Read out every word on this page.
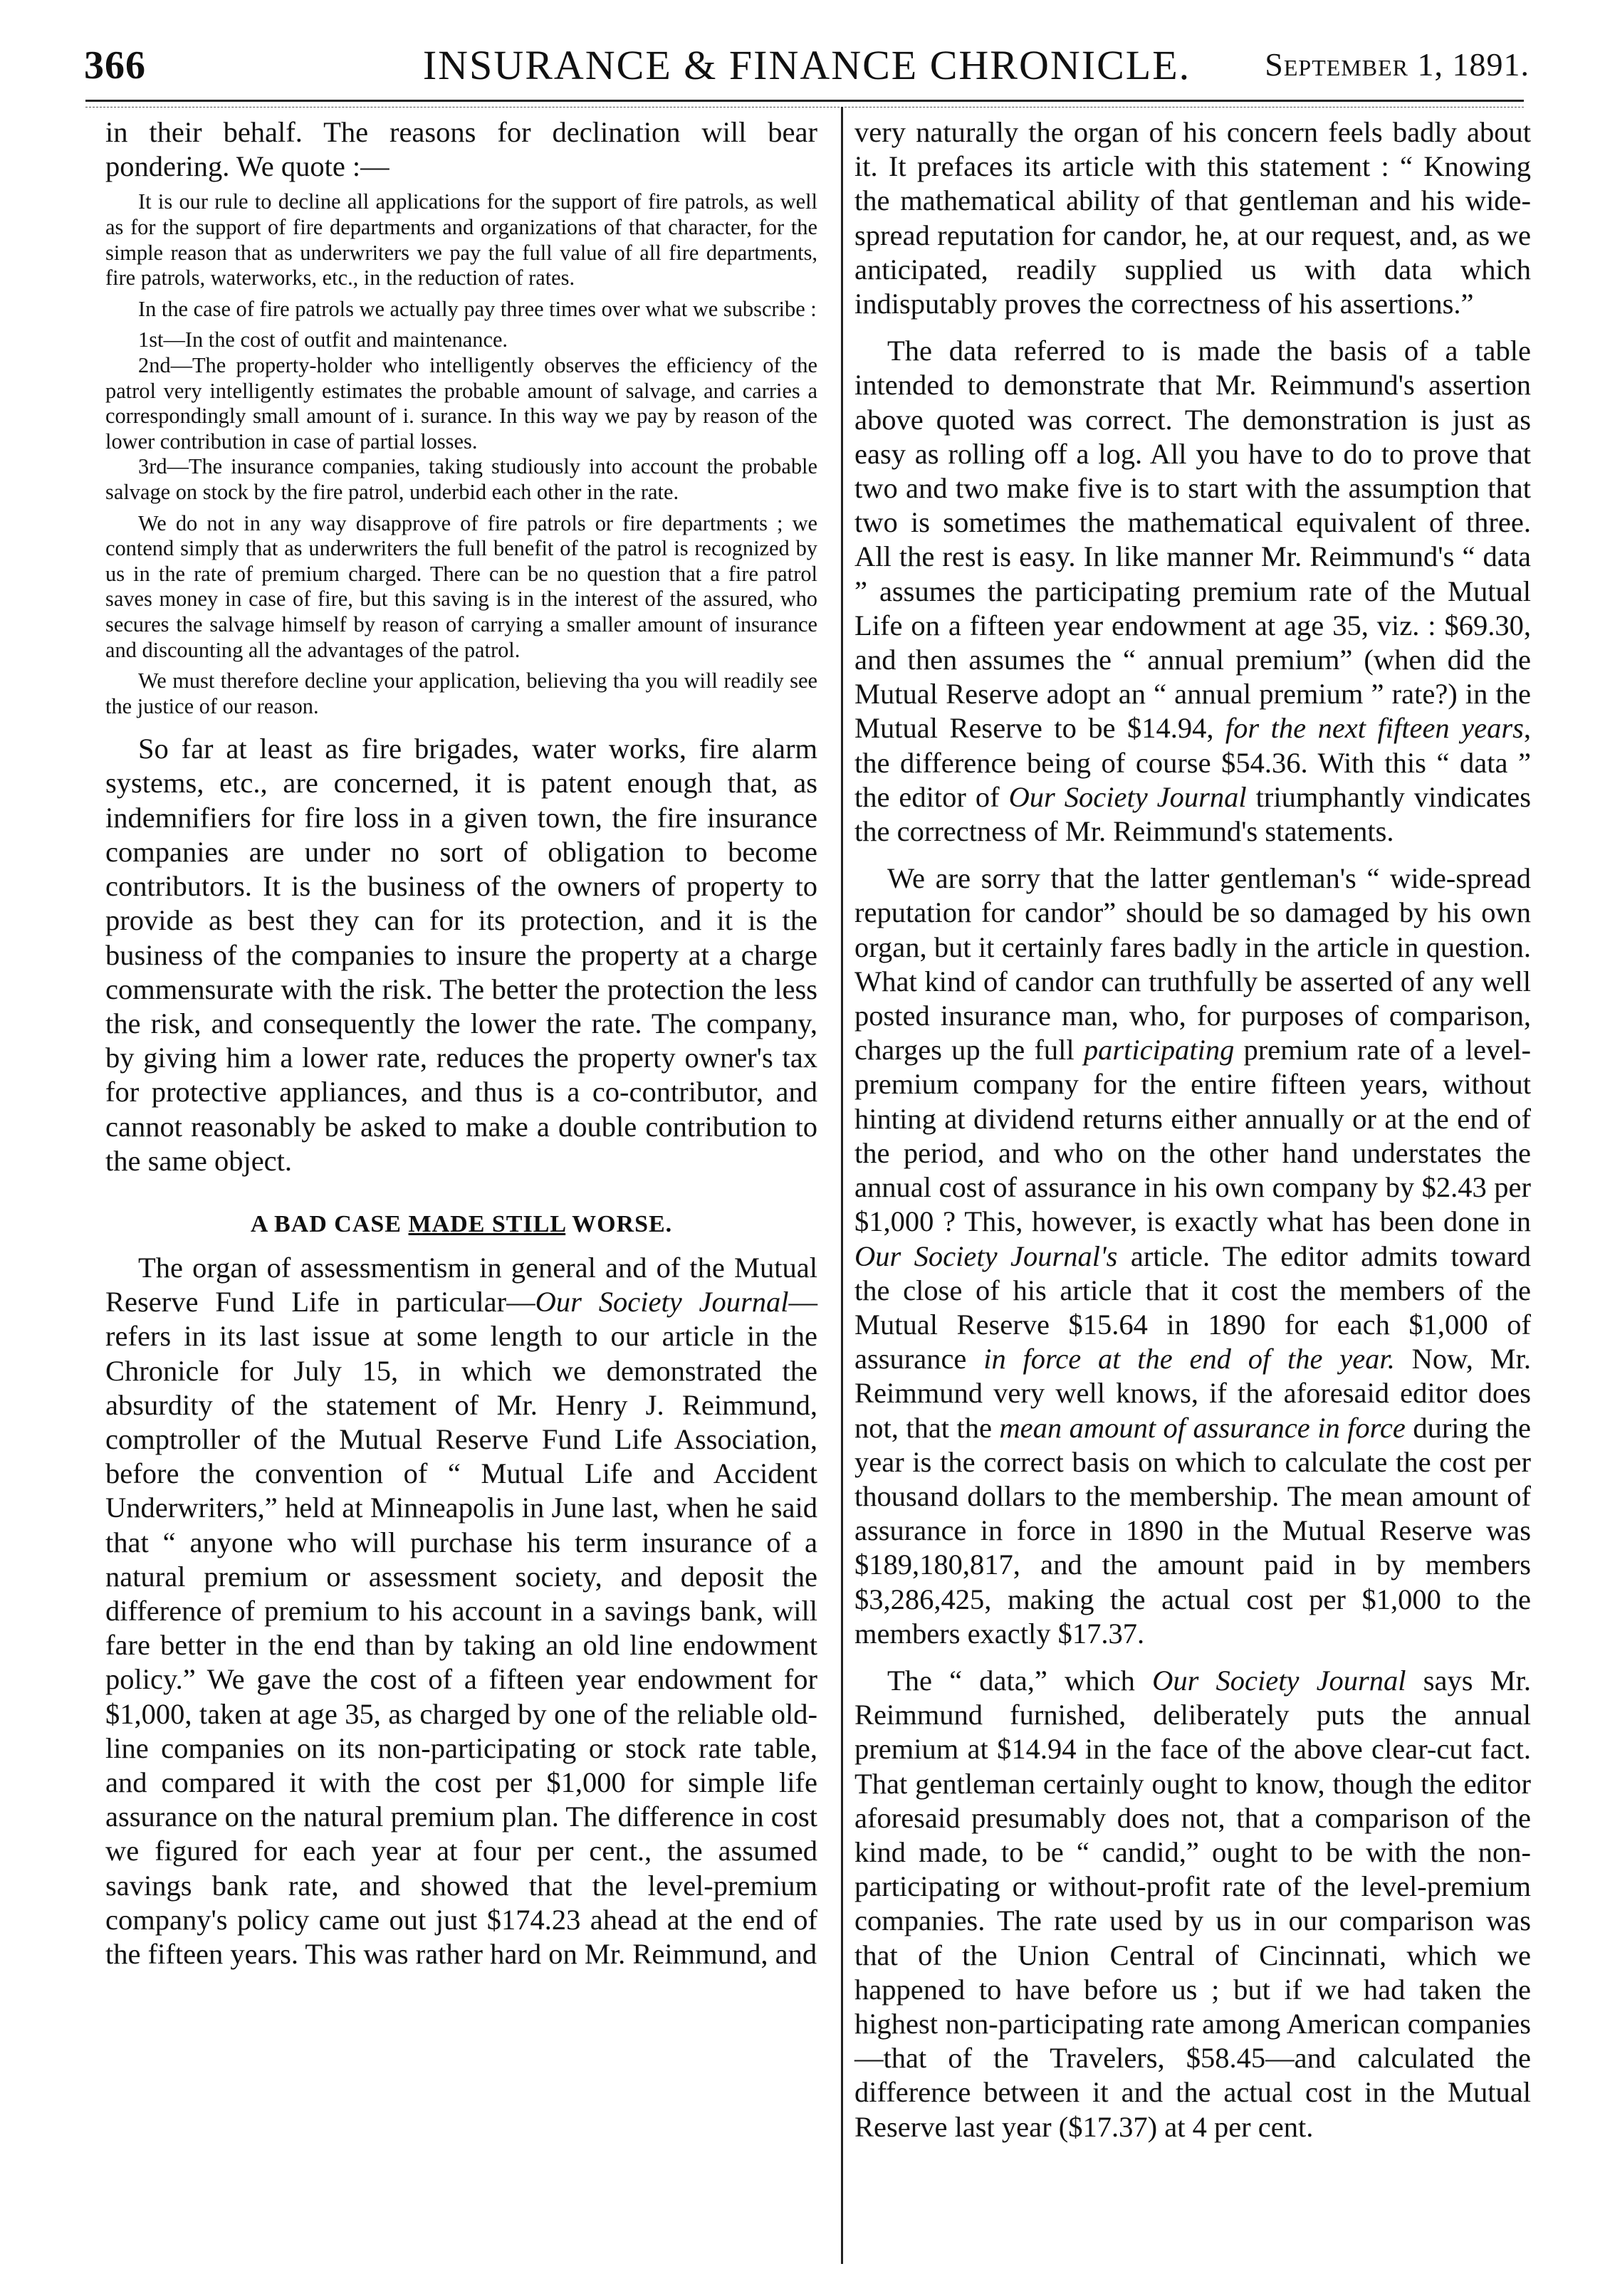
366	INSURANCE & FINANCE CHRONICLE.	September 1, 1891.

in their behalf. The reasons for declination will bear pondering. We quote :—

It is our rule to decline all applications for the support of fire patrols, as well as for the support of fire departments and organizations of that character, for the simple reason that as underwriters we pay the full value of all fire departments, fire patrols, waterworks, etc., in the reduction of rates.

In the case of fire patrols we actually pay three times over what we subscribe :

1st—In the cost of outfit and maintenance.

2nd—The property-holder who intelligently observes the efficiency of the patrol very intelligently estimates the probable amount of salvage, and carries a correspondingly small amount of i. surance. In this way we pay by reason of the lower contribution in case of partial losses.

3rd—The insurance companies, taking studiously into account the probable salvage on stock by the fire patrol, underbid each other in the rate.

We do not in any way disapprove of fire patrols or fire departments ; we contend simply that as underwriters the full benefit of the patrol is recognized by us in the rate of premium charged. There can be no question that a fire patrol saves money in case of fire, but this saving is in the interest of the assured, who secures the salvage himself by reason of carrying a smaller amount of insurance and discounting all the advantages of the patrol.

We must therefore decline your application, believing tha you will readily see the justice of our reason.

So far at least as fire brigades, water works, fire alarm systems, etc., are concerned, it is patent enough that, as indemnifiers for fire loss in a given town, the fire insurance companies are under no sort of obligation to become contributors. It is the business of the owners of property to provide as best they can for its protection, and it is the business of the companies to insure the property at a charge commensurate with the risk. The better the protection the less the risk, and consequently the lower the rate. The company, by giving him a lower rate, reduces the property owner's tax for protective appliances, and thus is a co-contributor, and cannot reasonably be asked to make a double contribution to the same object.

A BAD CASE MADE STILL WORSE.

The organ of assessmentism in general and of the Mutual Reserve Fund Life in particular—Our Society Journal—refers in its last issue at some length to our article in the Chronicle for July 15, in which we demonstrated the absurdity of the statement of Mr. Henry J. Reimmund, comptroller of the Mutual Reserve Fund Life Association, before the convention of “ Mutual Life and Accident Underwriters,” held at Minneapolis in June last, when he said that “ anyone who will purchase his term insurance of a natural premium or assessment society, and deposit the difference of premium to his account in a savings bank, will fare better in the end than by taking an old line endowment policy.” We gave the cost of a fifteen year endowment for $1,000, taken at age 35, as charged by one of the reliable old-line companies on its non-participating or stock rate table, and compared it with the cost per $1,000 for simple life assurance on the natural premium plan. The difference in cost we figured for each year at four per cent., the assumed savings bank rate, and showed that the level-premium company's policy came out just $174.23 ahead at the end of the fifteen years. This was rather hard on Mr. Reimmund, and

very naturally the organ of his concern feels badly about it. It prefaces its article with this statement : “ Knowing the mathematical ability of that gentleman and his wide-spread reputation for candor, he, at our request, and, as we anticipated, readily supplied us with data which indisputably proves the correctness of his assertions.”

The data referred to is made the basis of a table intended to demonstrate that Mr. Reimmund's assertion above quoted was correct. The demonstration is just as easy as rolling off a log. All you have to do to prove that two and two make five is to start with the assumption that two is sometimes the mathematical equivalent of three. All the rest is easy. In like manner Mr. Reimmund's “ data ” assumes the participating premium rate of the Mutual Life on a fifteen year endowment at age 35, viz. : $69.30, and then assumes the “ annual premium” (when did the Mutual Reserve adopt an “ annual premium ” rate?) in the Mutual Reserve to be $14.94, for the next fifteen years, the difference being of course $54.36. With this “ data ” the editor of Our Society Journal triumphantly vindicates the correctness of Mr. Reimmund's statements.

We are sorry that the latter gentleman's “ wide-spread reputation for candor” should be so damaged by his own organ, but it certainly fares badly in the article in question. What kind of candor can truthfully be asserted of any well posted insurance man, who, for purposes of comparison, charges up the full participating premium rate of a level-premium company for the entire fifteen years, without hinting at dividend returns either annually or at the end of the period, and who on the other hand understates the annual cost of assurance in his own company by $2.43 per $1,000 ? This, however, is exactly what has been done in Our Society Journal's article. The editor admits toward the close of his article that it cost the members of the Mutual Reserve $15.64 in 1890 for each $1,000 of assurance in force at the end of the year. Now, Mr. Reimmund very well knows, if the aforesaid editor does not, that the mean amount of assurance in force during the year is the correct basis on which to calculate the cost per thousand dollars to the membership. The mean amount of assurance in force in 1890 in the Mutual Reserve was $189,180,817, and the amount paid in by members $3,286,425, making the actual cost per $1,000 to the members exactly $17.37.

The “ data,” which Our Society Journal says Mr. Reimmund furnished, deliberately puts the annual premium at $14.94 in the face of the above clear-cut fact. That gentleman certainly ought to know, though the editor aforesaid presumably does not, that a comparison of the kind made, to be “ candid,” ought to be with the non-participating or without-profit rate of the level-premium companies. The rate used by us in our comparison was that of the Union Central of Cincinnati, which we happened to have before us ; but if we had taken the highest non-participating rate among American companies—that of the Travelers, $58.45—and calculated the difference between it and the actual cost in the Mutual Reserve last year ($17.37) at 4 per cent.
